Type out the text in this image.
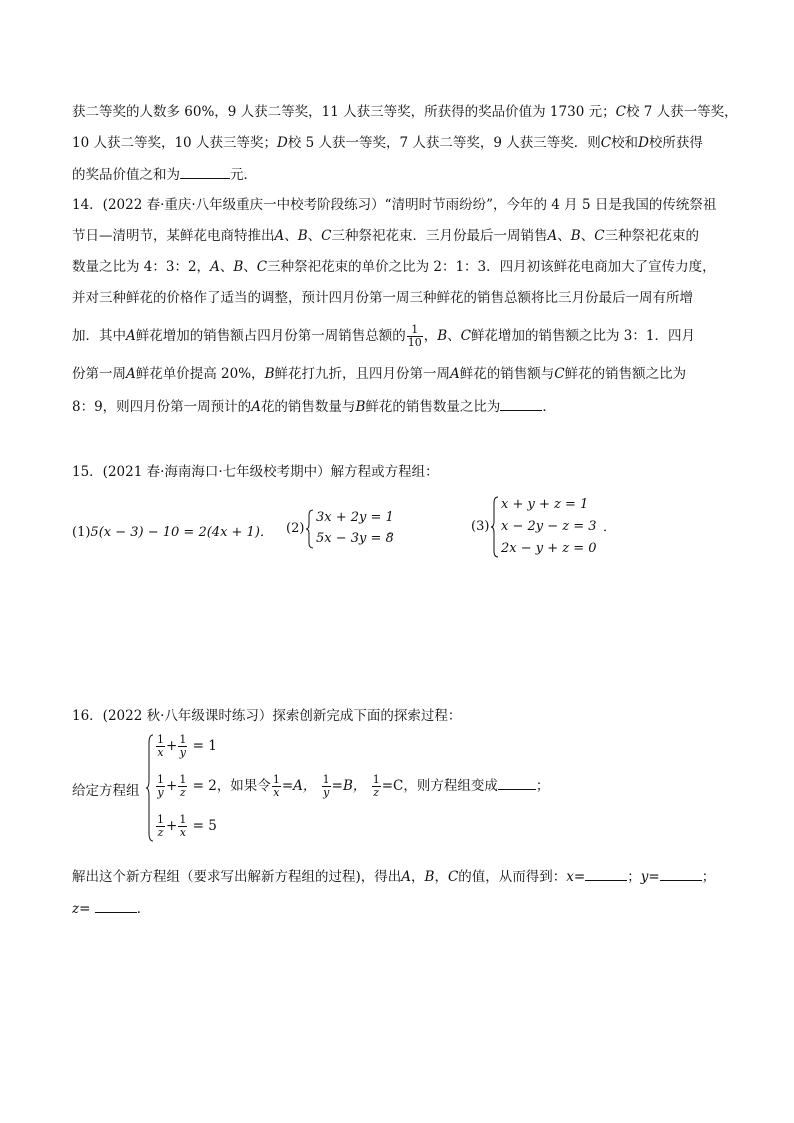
获二等奖的人数多 60%，9 人获二等奖，11 人获三等奖，所获得的奖品价值为 1730 元；C校 7 人获一等奖，
10 人获二等奖，10 人获三等奖；D校 5 人获一等奖，7 人获二等奖，9 人获三等奖．则C校和D校所获得
的奖品价值之和为	元．
14．(2022 春·重庆·八年级重庆一中校考阶段练习）“清明时节雨纷纷”，今年的 4 月 5 日是我国的传统祭祖
节日—清明节，某鲜花电商特推出A、B、C三种祭祀花束．三月份最后一周销售A、B、C三种祭祀花束的
数量之比为 4：3：2，A、B、C三种祭祀花束的单价之比为 2：1：3．四月初该鲜花电商加大了宣传力度，
并对三种鲜花的价格作了适当的调整，预计四月份第一周三种鲜花的销售总额将比三月份最后一周有所增
加．其中A鲜花增加的销售额占四月份第一周销售总额的 $\frac{1}{10}$ ，B、C鲜花增加的销售额之比为 3：1．四月
份第一周A鲜花单价提高 20%，B鲜花打九折，且四月份第一周A鲜花的销售额与C鲜花的销售额之比为
8：9，则四月份第一周预计的A花的销售数量与B鲜花的销售数量之比为	．
15．(2021 春·海南海口·七年级校考期中）解方程或方程组：
(1)5(x − 3) − 10 = 2(4x + 1)． (2)
3x + 2y = 1
5x − 3y = 8
．	(3)
x + y + z = 1
x − 2y − z = 3
2x − y + z = 0
．
16．(2022 秋·八年级课时练习）探索创新完成下面的探索过程：
给定方程组
$\frac{1}{x} + \frac{1}{y} = 1$
$\frac{1}{y} + \frac{1}{z} = 2$，如果令 $\frac{1}{x} =A$， $\frac{1}{y} =B$， $\frac{1}{z} =C$，则方程组变成	；
$\frac{1}{z} + \frac{1}{x} = 5$
解出这个新方程组（要求写出解新方程组的过程)，得出A，B，C的值，从而得到：x=	；y=	；
z=	．
